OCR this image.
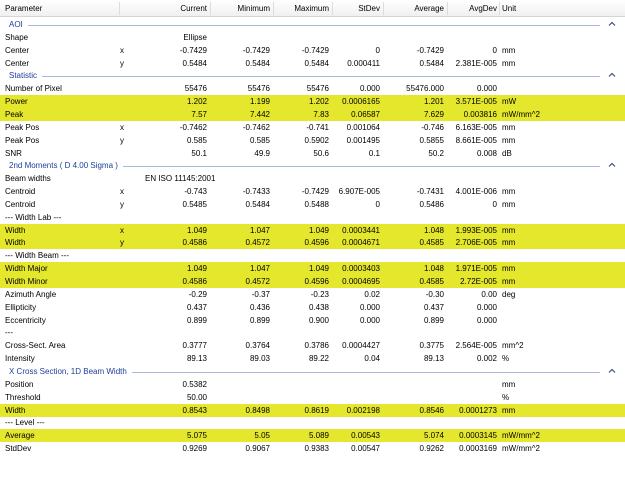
Parameter	Current	Minimum	Maximum	StDev	Average	AvgDev Unit
AOI
Shape	Ellipse
Center	x	-0.7429	-0.7429	-0.7429	0	-0.7429	0 mm
Center	y	0.5484	0.5484	0.5484	0.000411	0.5484	2.381E-005 mm
Statistic
Number of Pixel	55476	55476	55476	0.000	55476.000	0.000
Power	1.202	1.199	1.202	0.0006165	1.201	3.571E-005 mW
Peak	7.57	7.442	7.83	0.06587	7.629	0.003816 mW/mm^2
Peak Pos	x	-0.7462	-0.7462	-0.741	0.001064	-0.746	6.163E-005 mm
Peak Pos	y	0.585	0.585	0.5902	0.001495	0.5855	8.661E-005 mm
SNR	50.1	49.9	50.6	0.1	50.2	0.008 dB
2nd Moments ( D 4.00 Sigma )
Beam widths	EN ISO 11145:2001
Centroid	x	-0.743	-0.7433	-0.7429	6.907E-005	-0.7431	4.001E-006 mm
Centroid	y	0.5485	0.5484	0.5488	0	0.5486	0 mm
--- Width Lab ---
Width	x	1.049	1.047	1.049	0.0003441	1.048	1.993E-005 mm
Width	y	0.4586	0.4572	0.4596	0.0004671	0.4585	2.706E-005 mm
--- Width Beam ---
Width Major	1.049	1.047	1.049	0.0003403	1.048	1.971E-005 mm
Width Minor	0.4586	0.4572	0.4596	0.0004695	0.4585	2.72E-005 mm
Azimuth Angle	-0.29	-0.37	-0.23	0.02	-0.30	0.00 deg
Ellipticity	0.437	0.436	0.438	0.000	0.437	0.000
Eccentricity	0.899	0.899	0.900	0.000	0.899	0.000
---
Cross-Sect. Area	0.3777	0.3764	0.3786	0.0004427	0.3775	2.564E-005 mm^2
Intensity	89.13	89.03	89.22	0.04	89.13	0.002 %
X Cross Section, 1D Beam Width
Position	0.5382	mm
Threshold	50.00	%
Width	0.8543	0.8498	0.8619	0.002198	0.8546	0.0001273 mm
--- Level ---
Average	5.075	5.05	5.089	0.00543	5.074	0.0003145 mW/mm^2
StdDev	0.9269	0.9067	0.9383	0.00547	0.9262	0.0003169 mW/mm^2
